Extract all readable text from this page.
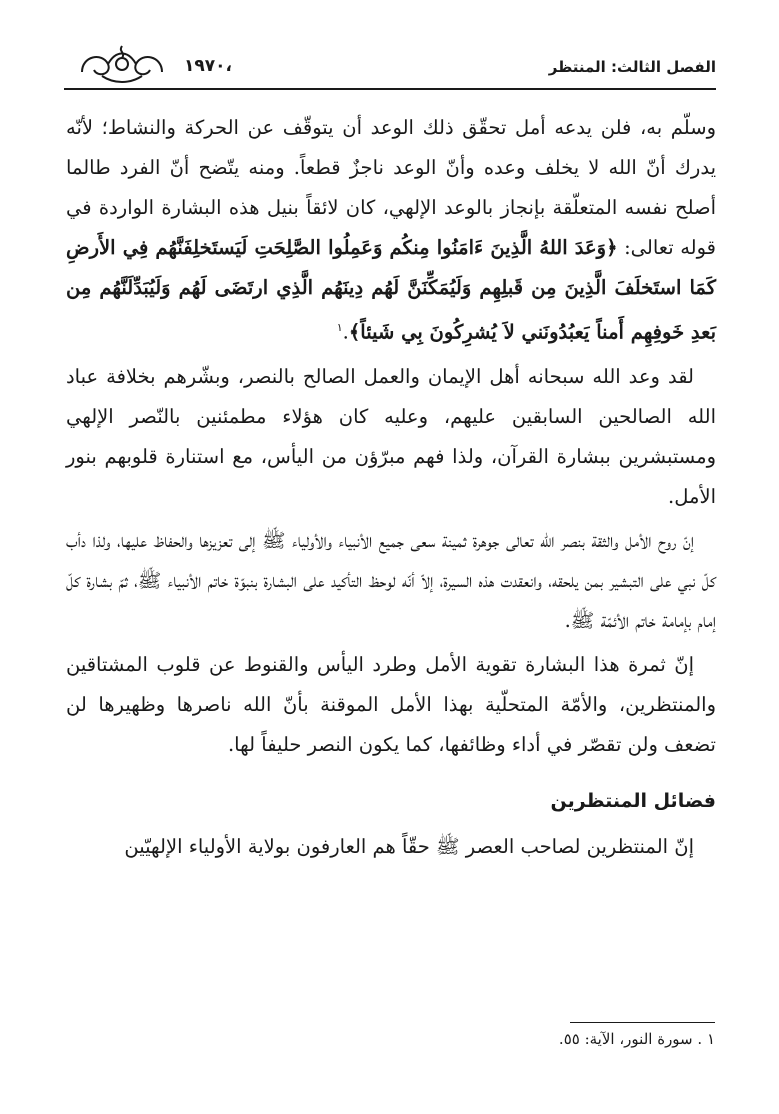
،١٩٧٠	الفصل الثالث: المنتظر

وسلّم به، فلن يدعه أمل تحقّق ذلك الوعد أن يتوقّف عن الحركة والنشاط؛ لأنّه يدرك أنّ الله لا يخلف وعده وأنّ الوعد ناجزٌ قطعاً. ومنه يتّضح أنّ الفرد طالما أصلح نفسه المتعلّقة بإنجاز بالوعد الإلهي، كان لائقاً بنيل هذه البشارة الواردة في قوله تعالى: ﴿وَعَدَ اللهُ الَّذِينَ ءَامَنُوا مِنكُم وَعَمِلُوا الصَّلِحَتِ لَيَستَخلِفَنَّهُم فِي الأَرضِ كَمَا استَخلَفَ الَّذِينَ مِن قَبلِهِم وَلَيُمَكِّنَنَّ لَهُم دِينَهُم الَّذِي ارتَضَى لَهُم وَلَيُبَدِّلَنَّهُم مِن بَعدِ خَوفِهِم أَمناً يَعبُدُونَني لاَ يُشرِكُونَ بِي شَيئاً﴾.$^١$

لقد وعد الله سبحانه أهل الإيمان والعمل الصالح بالنصر، وبشّرهم بخلافة عباد الله الصالحين السابقين عليهم، وعليه كان هؤلاء مطمئنين بالنّصر الإلهي ومستبشرين ببشارة القرآن، ولذا فهم مبرّؤن من اليأس، مع استنارة قلوبهم بنور الأمل.

إنّ روح الأمل والثقة بنصر الله تعالى جوهرة ثمينة سعى جميع الأنبياء والأولياء ﷺ إلى تعزيزها والحفاظ عليها، ولذا دأب كلّ نبي على التبشير بمن يلحقه، وانعقدت هذه السيرة، إلاّ أنّه لوحظ التأكيد على البشارة بنبوّة خاتم الأنبياء ﷺ، ثمّ بشارة كلّ إمام بإمامة خاتم الأئمّة ﷺ.

إنّ ثمرة هذا البشارة تقوية الأمل وطرد اليأس والقنوط عن قلوب المشتاقين والمنتظرين، والأمّة المتحلّية بهذا الأمل الموقنة بأنّ الله ناصرها وظهيرها لن تضعف ولن تقصّر في أداء وظائفها، كما يكون النصر حليفاً لها.

فضائل المنتظرين

إنّ المنتظرين لصاحب العصر ﷺ حقّاً هم العارفون بولاية الأولياء الإلهيّين

١ . سورة النور، الآية: ٥٥.
